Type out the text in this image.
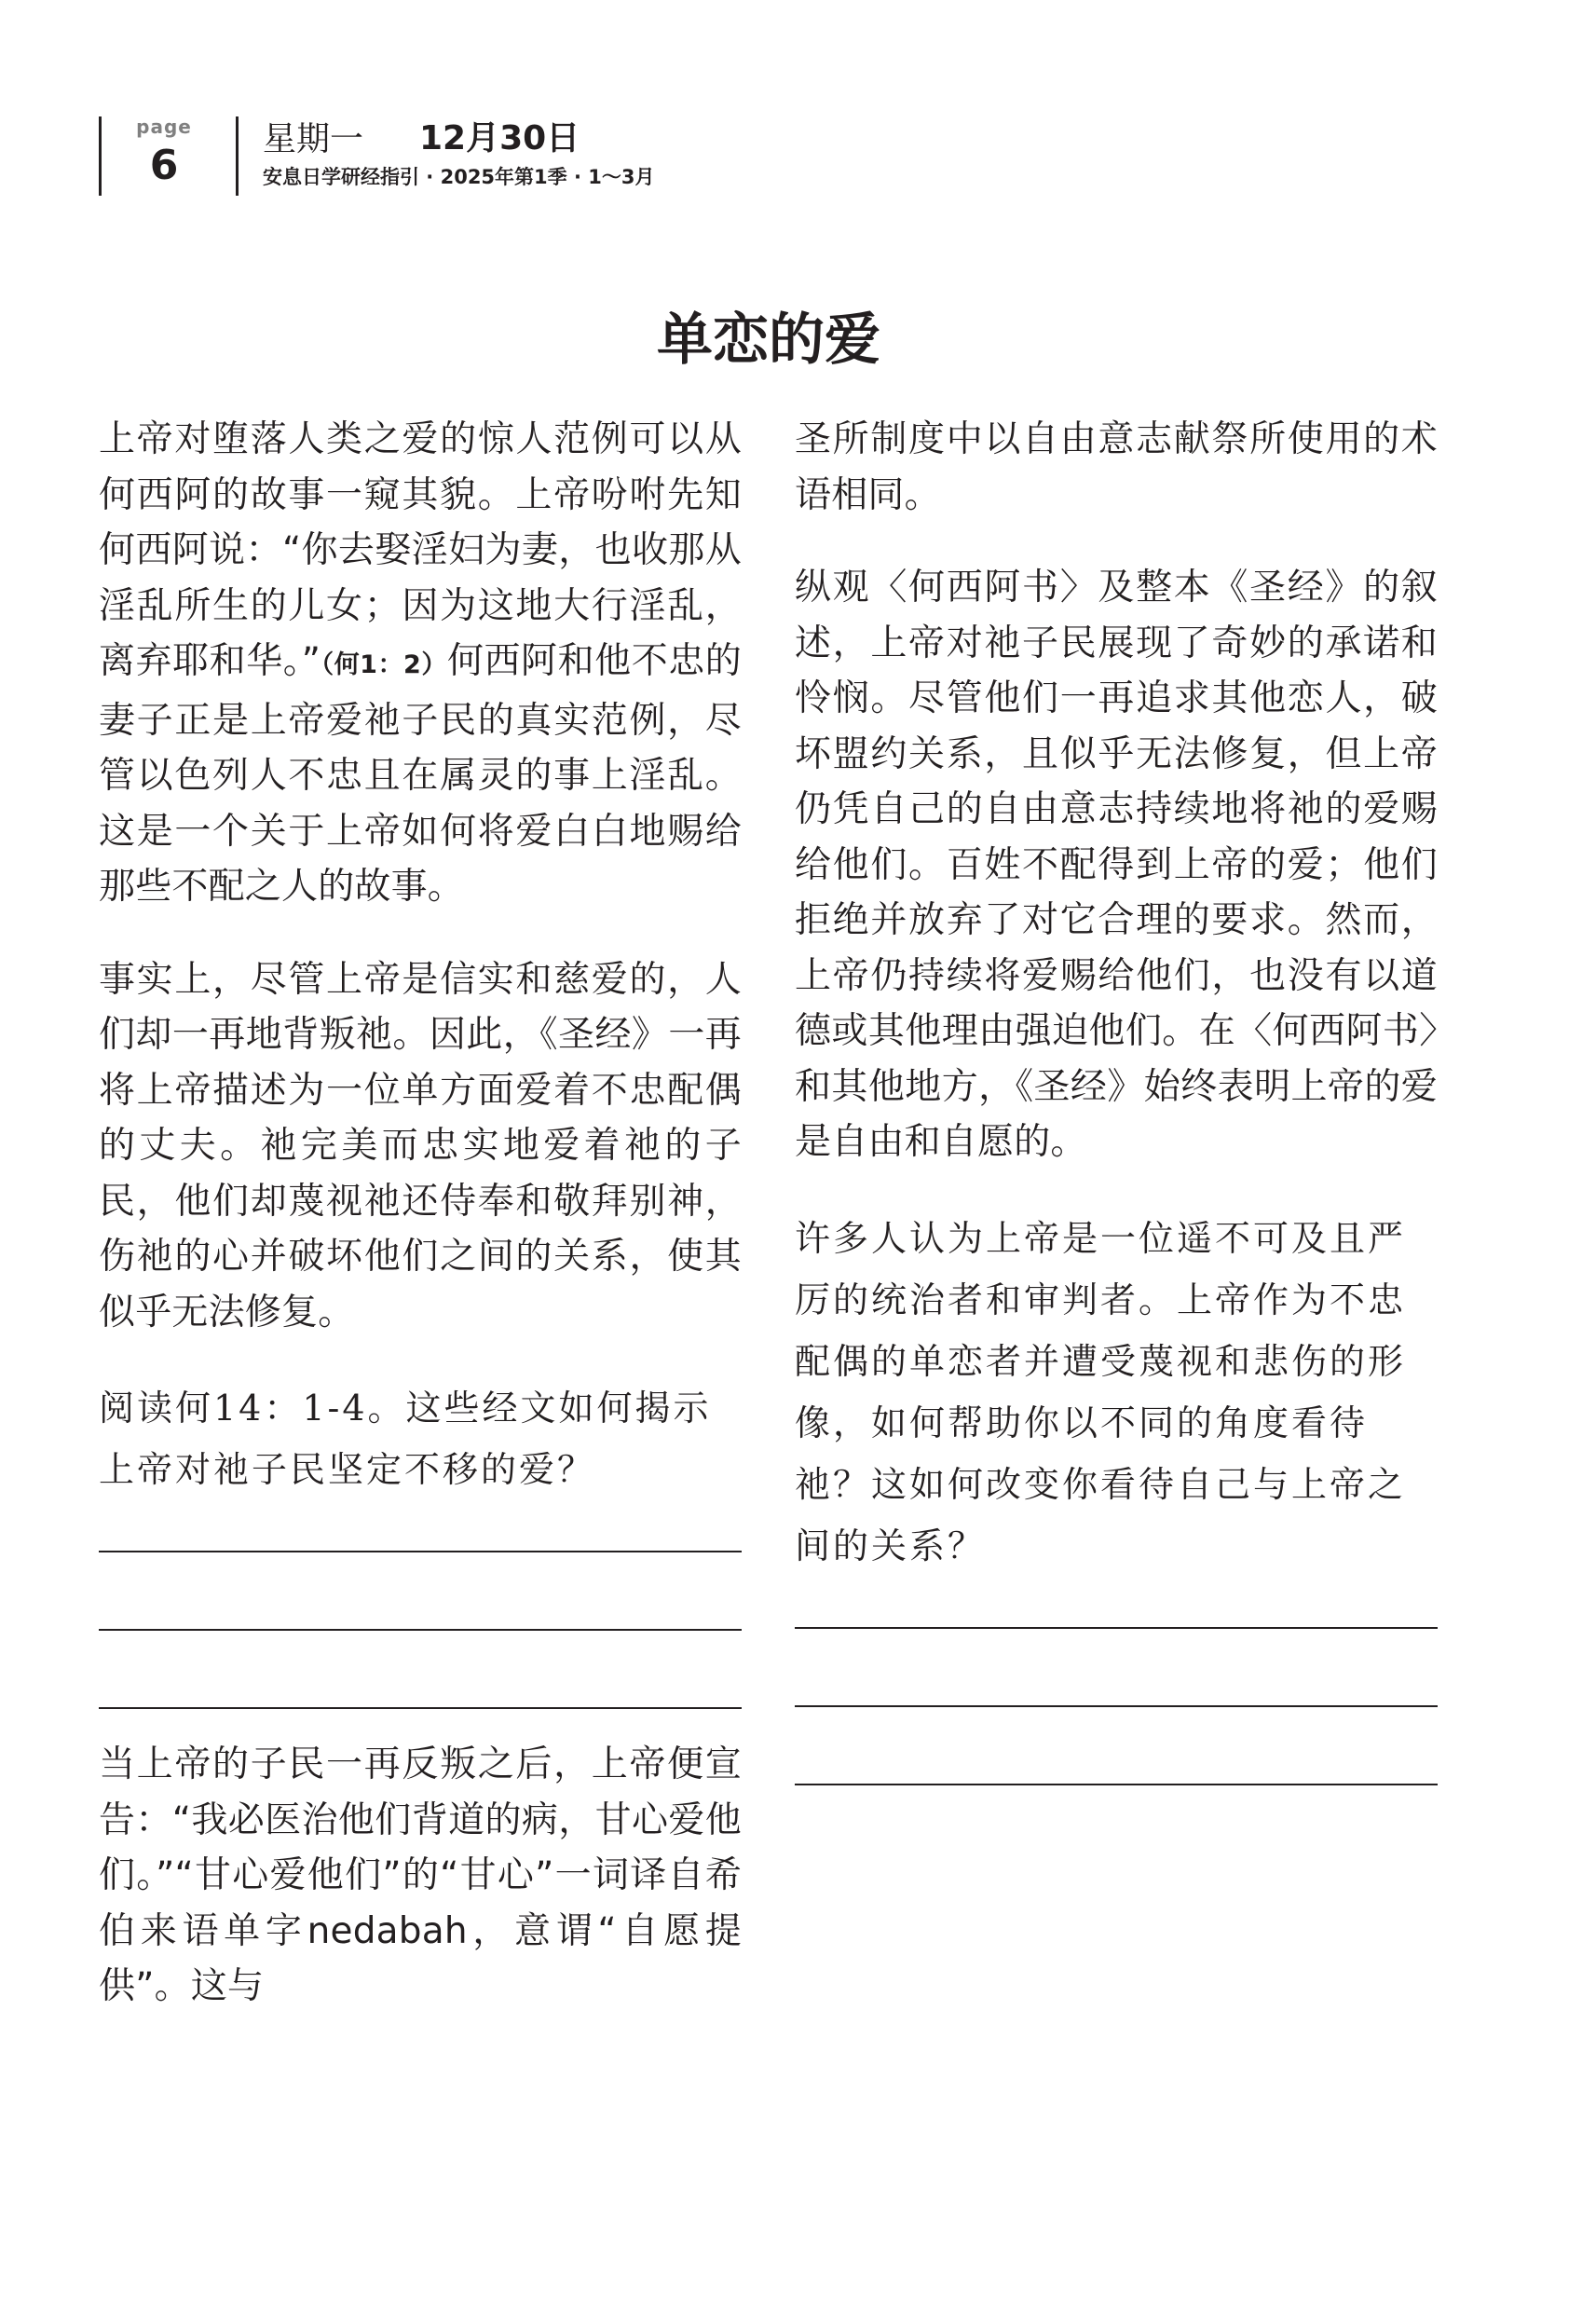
page
6
星期一 12月30日
安息日学研经指引 · 2025年第1季 · 1～3月
单恋的爱
上帝对堕落人类之爱的惊人范例可以从何西阿的故事一窥其貌。上帝吩咐先知何西阿说：“你去娶淫妇为妻，也收那从淫乱所生的儿女；因为这地大行淫乱，离弃耶和华。”（何1：2）何西阿和他不忠的妻子正是上帝爱祂子民的真实范例，尽管以色列人不忠且在属灵的事上淫乱。这是一个关于上帝如何将爱白白地赐给那些不配之人的故事。
事实上，尽管上帝是信实和慈爱的，人们却一再地背叛祂。因此，《圣经》一再将上帝描述为一位单方面爱着不忠配偶的丈夫。祂完美而忠实地爱着祂的子民，他们却蔑视祂还侍奉和敬拜别神，伤祂的心并破坏他们之间的关系，使其似乎无法修复。
阅读何14：1-4。这些经文如何揭示上帝对祂子民坚定不移的爱？
当上帝的子民一再反叛之后，上帝便宣告：“我必医治他们背道的病，甘心爱他们。”“甘心爱他们”的“甘心”一词译自希伯来语单字nedabah，意谓“自愿提供”。这与
圣所制度中以自由意志献祭所使用的术语相同。
纵观〈何西阿书〉及整本《圣经》的叙述，上帝对祂子民展现了奇妙的承诺和怜悯。尽管他们一再追求其他恋人，破坏盟约关系，且似乎无法修复，但上帝仍凭自己的自由意志持续地将祂的爱赐给他们。百姓不配得到上帝的爱；他们拒绝并放弃了对它合理的要求。然而，上帝仍持续将爱赐给他们，也没有以道德或其他理由强迫他们。在〈何西阿书〉和其他地方，《圣经》始终表明上帝的爱是自由和自愿的。
许多人认为上帝是一位遥不可及且严厉的统治者和审判者。上帝作为不忠配偶的单恋者并遭受蔑视和悲伤的形像，如何帮助你以不同的角度看待祂？这如何改变你看待自己与上帝之间的关系？
